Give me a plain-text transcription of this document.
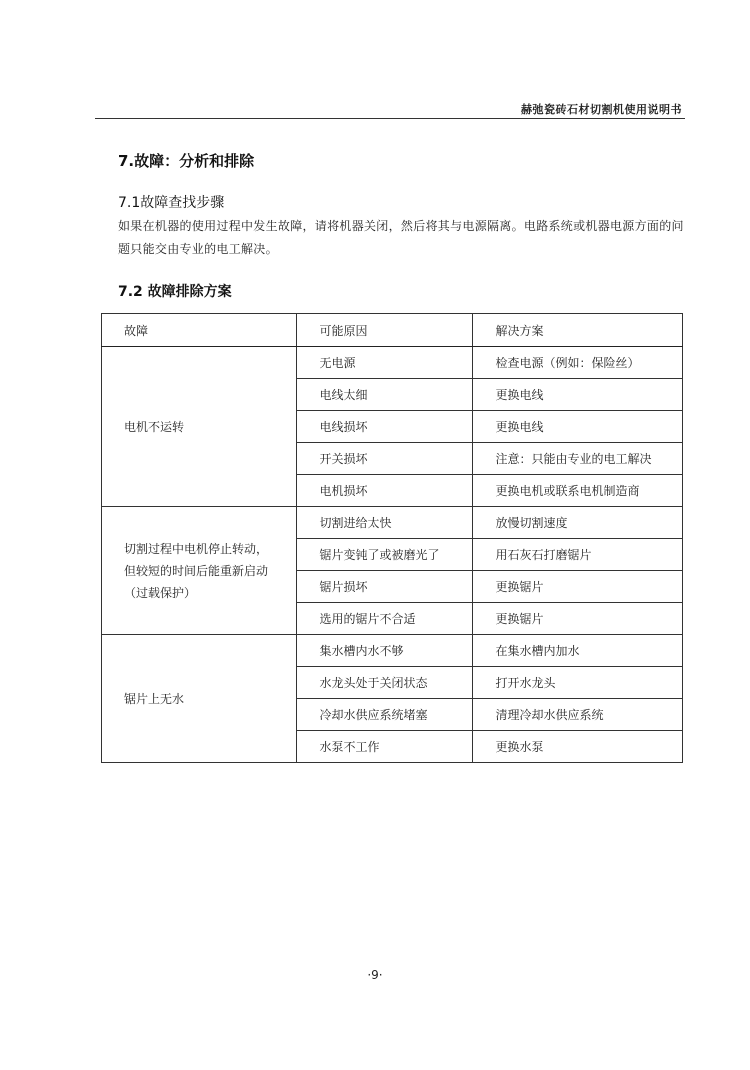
赫弛瓷砖石材切割机使用说明书
7.故障：分析和排除
7.1故障查找步骤
如果在机器的使用过程中发生故障，请将机器关闭，然后将其与电源隔离。电路系统或机器电源方面的问题只能交由专业的电工解决。
7.2 故障排除方案
故障	可能原因	解决方案
电机不运转	无电源	检查电源（例如：保险丝）
	电线太细	更换电线
	电线损坏	更换电线
	开关损坏	注意：只能由专业的电工解决
	电机损坏	更换电机或联系电机制造商

切割过程中电机停止转动，
但较短的时间后能重新启动
（过载保护）	切割进给太快	放慢切割速度
	锯片变钝了或被磨光了	用石灰石打磨锯片
	锯片损坏	更换锯片
	选用的锯片不合适	更换锯片
锯片上无水	集水槽内水不够	在集水槽内加水
	水龙头处于关闭状态	打开水龙头
	冷却水供应系统堵塞	清理冷却水供应系统
	水泵不工作	更换水泵
·9·
